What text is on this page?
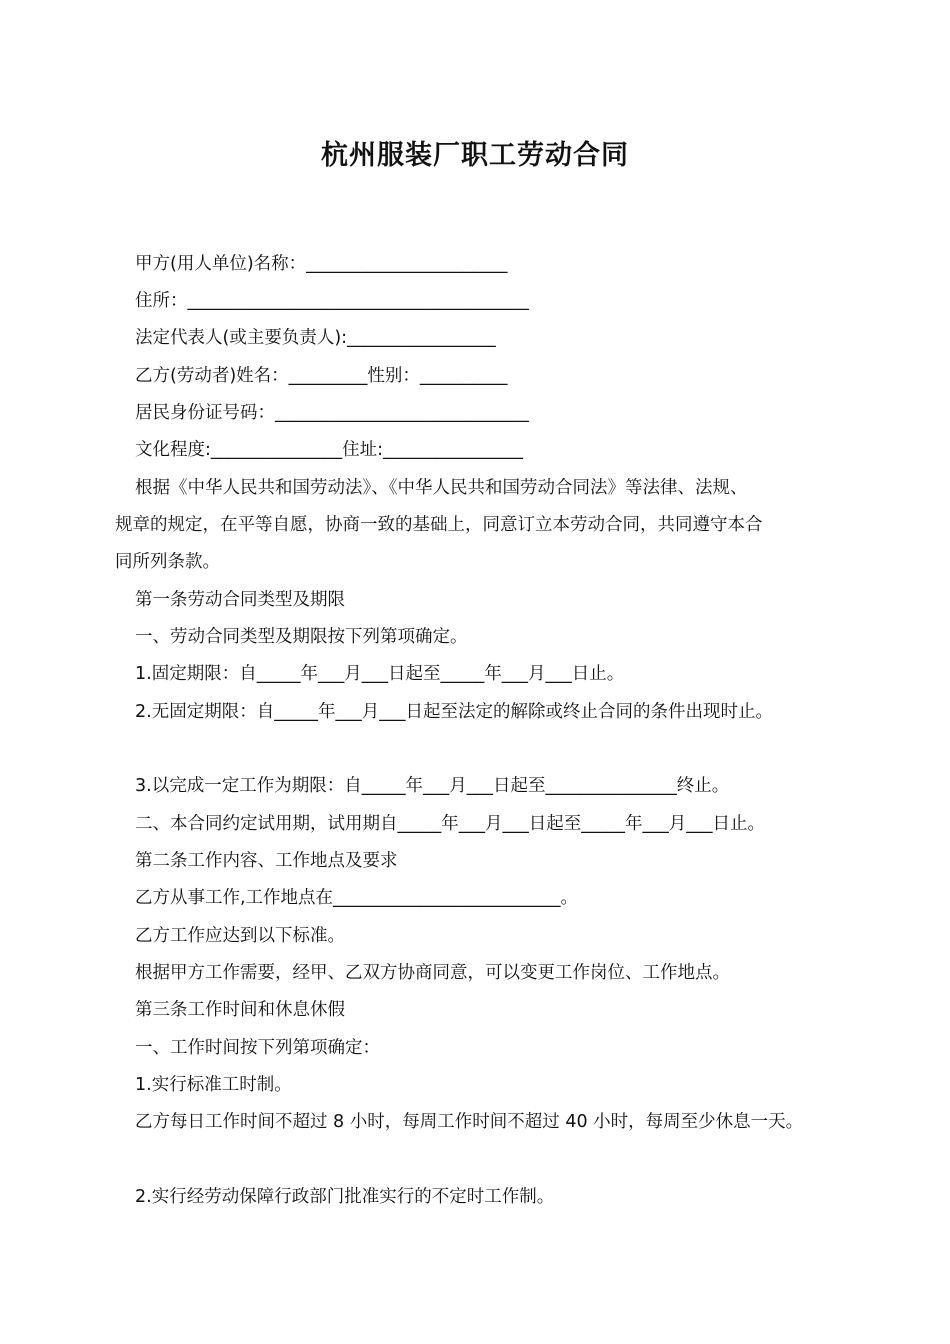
杭州服装厂职工劳动合同
甲方(用人单位)名称：_______________________
住所：_______________________________________
法定代表人(或主要负责人):_________________
乙方(劳动者)姓名：_________性别：__________
居民身份证号码：_____________________________
文化程度:_______________住址:________________
根据《中华人民共和国劳动法》、《中华人民共和国劳动合同法》等法律、法规、
规章的规定，在平等自愿，协商一致的基础上，同意订立本劳动合同，共同遵守本合
同所列条款。
第一条劳动合同类型及期限
一、劳动合同类型及期限按下列第项确定。
1.固定期限：自_____年___月___日起至_____年___月___日止。
2.无固定期限：自_____年___月___日起至法定的解除或终止合同的条件出现时止。
3.以完成一定工作为期限：自_____年___月___日起至_______________终止。
二、本合同约定试用期，试用期自_____年___月___日起至_____年___月___日止。
第二条工作内容、工作地点及要求
乙方从事工作,工作地点在__________________________。
乙方工作应达到以下标准。
根据甲方工作需要，经甲、乙双方协商同意，可以变更工作岗位、工作地点。
第三条工作时间和休息休假
一、工作时间按下列第项确定：
1.实行标准工时制。
乙方每日工作时间不超过 8 小时，每周工作时间不超过 40 小时，每周至少休息一天。
2.实行经劳动保障行政部门批准实行的不定时工作制。
